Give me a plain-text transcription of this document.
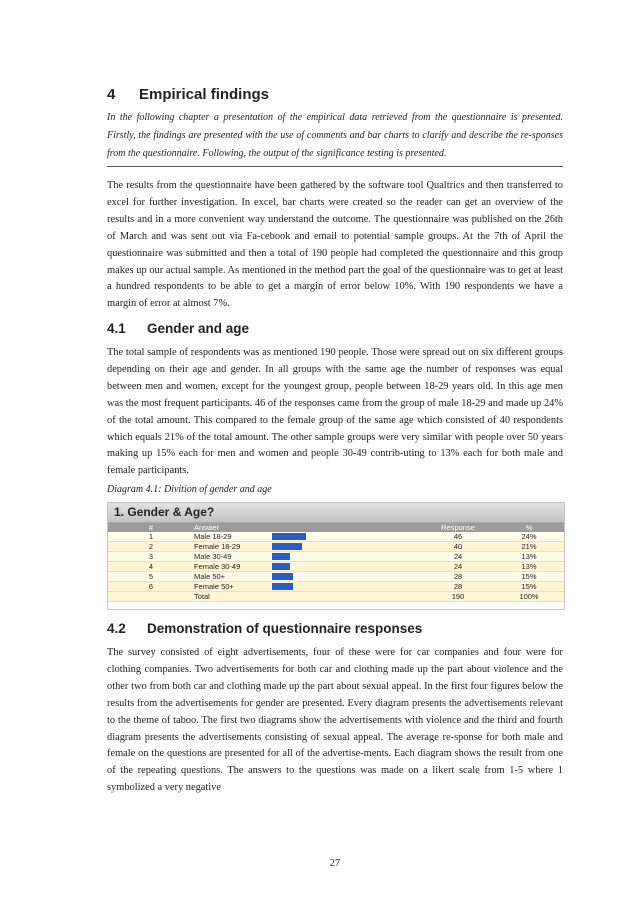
4 Empirical findings

In the following chapter a presentation of the empirical data retrieved from the questionnaire is presented. Firstly, the findings are presented with the use of comments and bar charts to clarify and describe the re-sponses from the questionnaire. Following, the output of the significance testing is presented.

The results from the questionnaire have been gathered by the software tool Qualtrics and then transferred to excel for further investigation. In excel, bar charts were created so the reader can get an overview of the results and in a more convenient way understand the outcome. The questionnaire was published on the 26th of March and was sent out via Fa-cebook and email to potential sample groups. At the 7th of April the questionnaire was submitted and then a total of 190 people had completed the questionnaire and this group makes up our actual sample. As mentioned in the method part the goal of the questionnaire was to get at least a hundred respondents to be able to get a margin of error below 10%. With 190 respondents we have a margin of error at almost 7%.

4.1 Gender and age

The total sample of respondents was as mentioned 190 people. Those were spread out on six different groups depending on their age and gender. In all groups with the same age the number of responses was equal between men and women, except for the youngest group, people between 18-29 years old. In this age men was the most frequent participants. 46 of the responses came from the group of male 18-29 and made up 24% of the total amount. This compared to the female group of the same age which consisted of 40 respondents which equals 21% of the total amount. The other sample groups were very similar with people over 50 years making up 15% each for men and women and people 30-49 contrib-uting to 13% each for both male and female participants.

Diagram 4.1: Divition of gender and age

1. Gender & Age?
#	Answer		Response	%
1	Male 18-29		46	24%
2	Female 18-29		40	21%
3	Male 30-49		24	13%
4	Female 30-49		24	13%
5	Male 50+		28	15%
6	Female 50+		28	15%
	Total		190	100%
4.2 Demonstration of questionnaire responses

The survey consisted of eight advertisements, four of these were for car companies and four were for clothing companies. Two advertisements for both car and clothing made up the part about violence and the other two from both car and clothing made up the part about sexual appeal. In the first four figures below the results from the advertisements for gender are presented. Every diagram presents the advertisements relevant to the theme of taboo. The first two diagrams show the advertisements with violence and the third and fourth diagram presents the advertisements consisting of sexual appeal. The average re-sponse for both male and female on the questions are presented for all of the advertise-ments. Each diagram shows the result from one of the repeating questions. The answers to the questions was made on a likert scale from 1-5 where 1 symbolized a very negative

27
